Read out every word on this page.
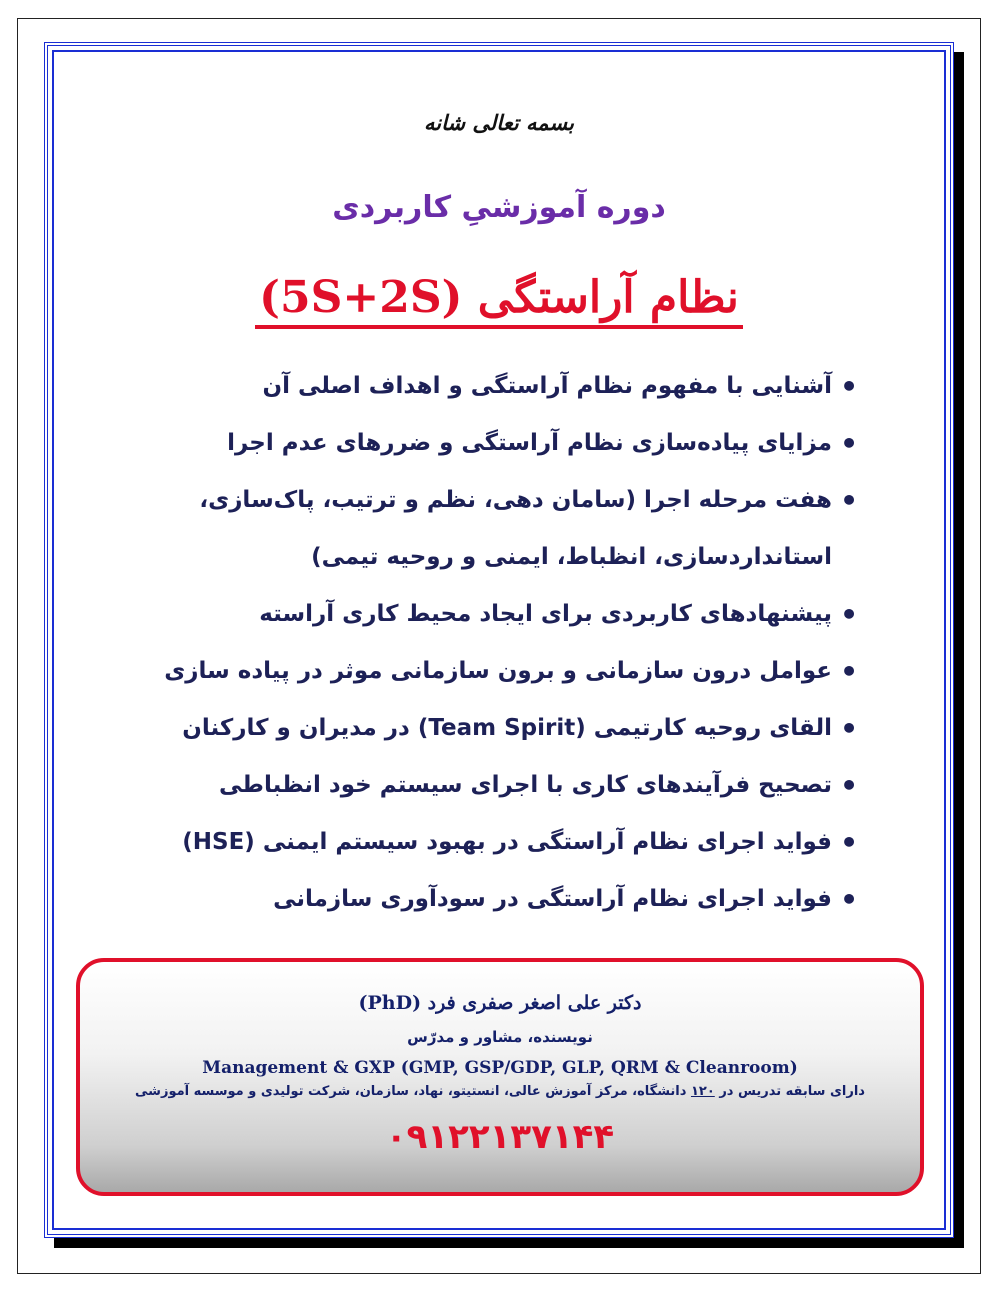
بسمه تعالی شانه
دوره آموزشیِ کاربردی
نظام آراستگی (5S+2S)
• آشنایی با مفهوم نظام آراستگی و اهداف اصلی آن
• مزایای پیاده‌سازی نظام آراستگی و ضررهای عدم اجرا
• هفت مرحله اجرا (سامان دهی، نظم و ترتیب، پاک‌سازی،
استانداردسازی، انظباط، ایمنی و روحیه تیمی)
• پیشنهادهای کاربردی برای ایجاد محیط کاری آراسته
• عوامل درون سازمانی و برون سازمانی موثر در پیاده سازی
• القای روحیه کارتیمی (Team Spirit) در مدیران و کارکنان
• تصحیح فرآیندهای کاری با اجرای سیستم خود انظباطی
• فواید اجرای نظام آراستگی در بهبود سیستم ایمنی (HSE)
• فواید اجرای نظام آراستگی در سودآوری سازمانی
دکتر علی اصغر صفری فرد (PhD)
نویسنده، مشاور و مدرّس
Management & GXP (GMP, GSP/GDP, GLP, QRM & Cleanroom)
دارای سابقه تدریس در ۱۲۰ دانشگاه، مرکز آموزش عالی، انستیتو، نهاد، سازمان، شرکت تولیدی و موسسه آموزشی
۰۹۱۲۲۱۳۷۱۴۴
